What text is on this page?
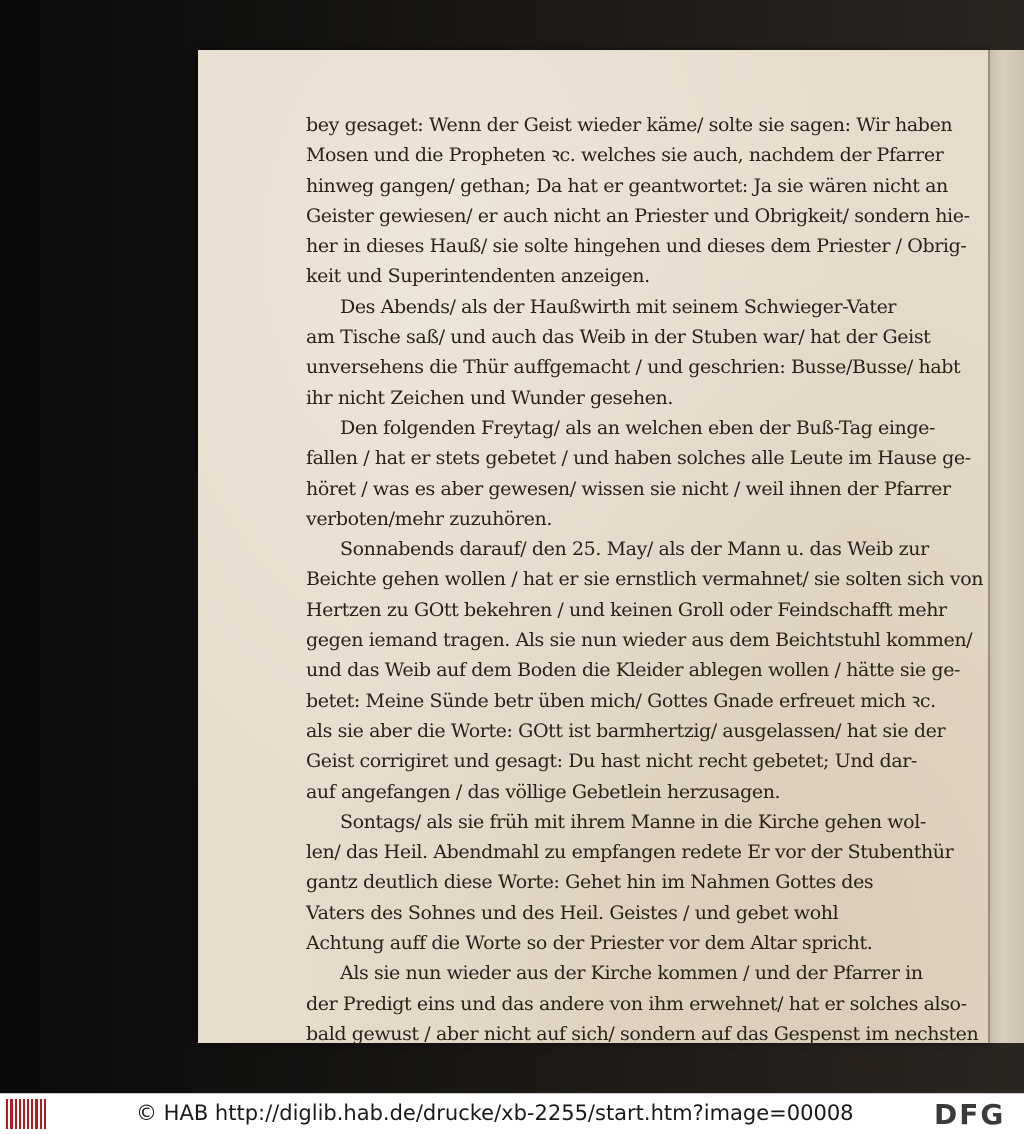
bey gesaget: Wenn der Geist wieder käme/ solte sie sagen: Wir haben
Mosen und die Propheten ꝛc. welches sie auch, nachdem der Pfarrer
hinweg gangen/ gethan; Da hat er geantwortet: Ja sie wären nicht an
Geister gewiesen/ er auch nicht an Priester und Obrigkeit/ sondern hie-
her in dieses Hauß/ sie solte hingehen und dieses dem Priester / Obrig-
keit und Superintendenten anzeigen.
Des Abends/ als der Haußwirth mit seinem Schwieger-Vater
am Tische saß/ und auch das Weib in der Stuben war/ hat der Geist
unversehens die Thür auffgemacht / und geschrien: Busse/Busse/ habt
ihr nicht Zeichen und Wunder gesehen.
Den folgenden Freytag/ als an welchen eben der Buß-Tag einge-
fallen / hat er stets gebetet / und haben solches alle Leute im Hause ge-
höret / was es aber gewesen/ wissen sie nicht / weil ihnen der Pfarrer
verboten/mehr zuzuhören.
Sonnabends darauf/ den 25. May/ als der Mann u. das Weib zur
Beichte gehen wollen / hat er sie ernstlich vermahnet/ sie solten sich von
Hertzen zu GOtt bekehren / und keinen Groll oder Feindschafft mehr
gegen iemand tragen. Als sie nun wieder aus dem Beichtstuhl kommen/
und das Weib auf dem Boden die Kleider ablegen wollen / hätte sie ge-
betet: Meine Sünde betr üben mich/ Gottes Gnade erfreuet mich ꝛc.
als sie aber die Worte: GOtt ist barmhertzig/ ausgelassen/ hat sie der
Geist corrigiret und gesagt: Du hast nicht recht gebetet; Und dar-
auf angefangen / das völlige Gebetlein herzusagen.
Sontags/ als sie früh mit ihrem Manne in die Kirche gehen wol-
len/ das Heil. Abendmahl zu empfangen redete Er vor der Stubenthür
gantz deutlich diese Worte: Gehet hin im Nahmen Gottes des
Vaters des Sohnes und des Heil. Geistes / und gebet wohl
Achtung auff die Worte so der Priester vor dem Altar spricht.
Als sie nun wieder aus der Kirche kommen / und der Pfarrer in
der Predigt eins und das andere von ihm erwehnet/ hat er solches also-
bald gewust / aber nicht auf sich/ sondern auf das Gespenst im nechsten
Hause
© HAB http://diglib.hab.de/drucke/xb-2255/start.htm?image=00008	DFG
